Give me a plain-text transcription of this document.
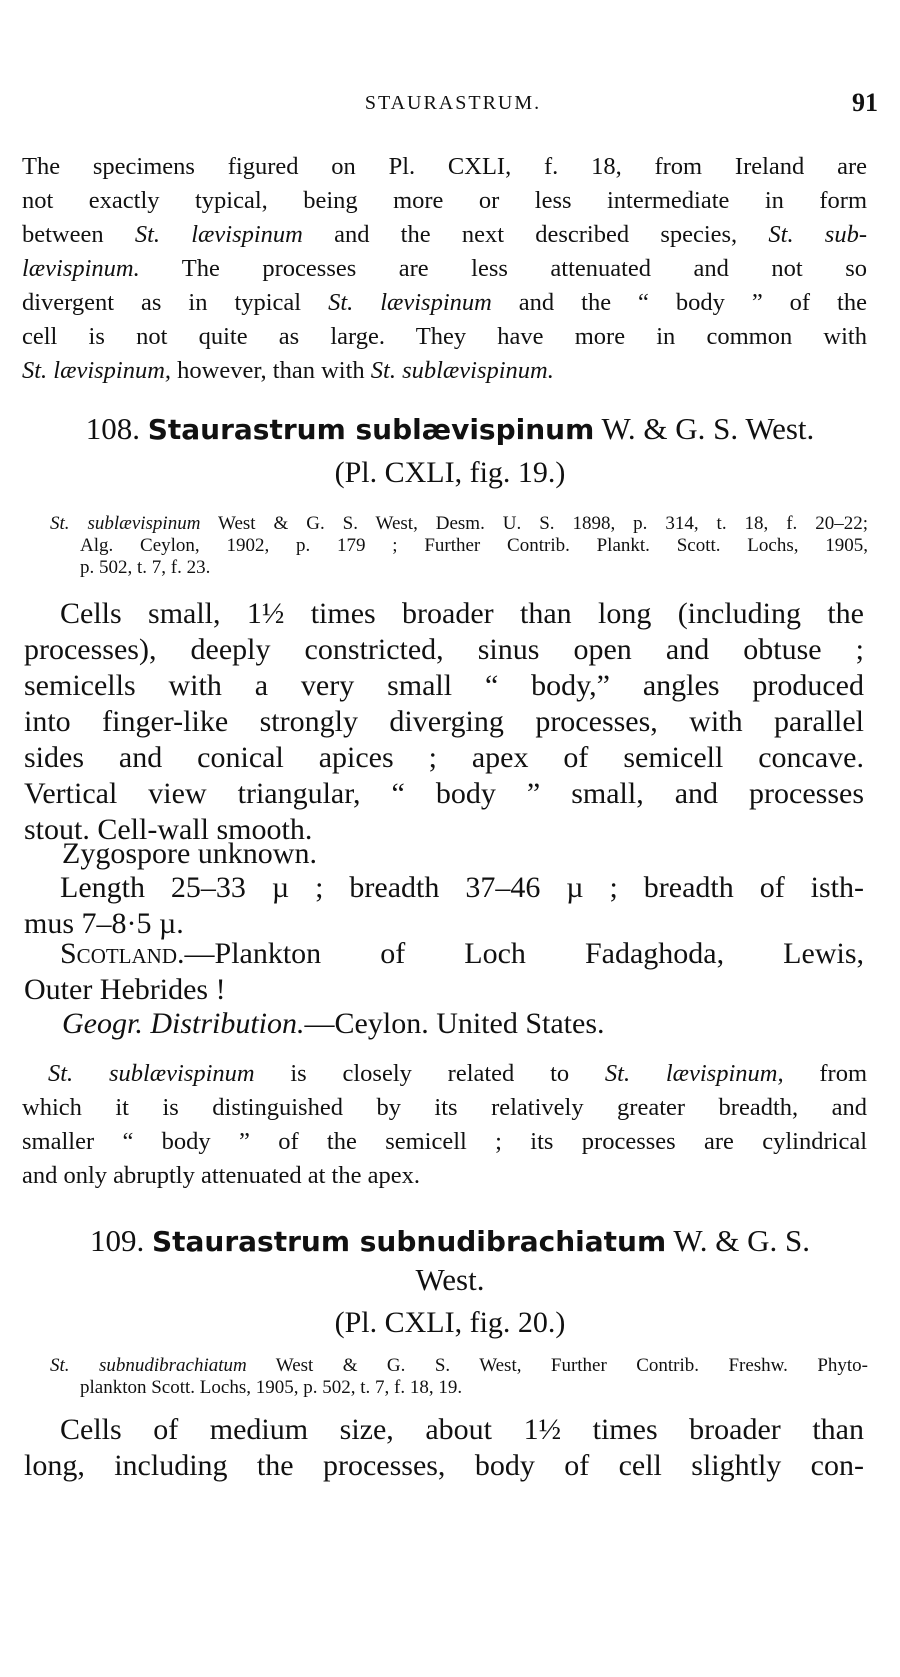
STAURASTRUM.	91
The specimens figured on Pl. CXLI, f. 18, from Ireland are
not exactly typical, being more or less intermediate in form
between St. lævispinum and the next described species, St. sub-
lævispinum. The processes are less attenuated and not so
divergent as in typical St. lævispinum and the “ body ” of the
cell is not quite as large. They have more in common with
St. lævispinum, however, than with St. sublævispinum.
108. Staurastrum sublævispinum W. & G. S. West.
(Pl. CXLI, fig. 19.)
St. sublævispinum West & G. S. West, Desm. U. S. 1898, p. 314, t. 18, f. 20–22;
Alg. Ceylon, 1902, p. 179 ; Further Contrib. Plankt. Scott. Lochs, 1905,
p. 502, t. 7, f. 23.
Cells small, 1½ times broader than long (including the
processes), deeply constricted, sinus open and obtuse ;
semicells with a very small “ body,” angles produced
into finger-like strongly diverging processes, with parallel
sides and conical apices ; apex of semicell concave.
Vertical view triangular, “ body ” small, and processes
stout. Cell-wall smooth.
Zygospore unknown.
Length 25–33 µ ; breadth 37–46 µ ; breadth of isth-
mus 7–8·5 µ.
Scotland.—Plankton of Loch Fadaghoda, Lewis,
Outer Hebrides !
Geogr. Distribution.—Ceylon. United States.
St. sublævispinum is closely related to St. lævispinum, from
which it is distinguished by its relatively greater breadth, and
smaller “ body ” of the semicell ; its processes are cylindrical
and only abruptly attenuated at the apex.
109. Staurastrum subnudibrachiatum W. & G. S.
West.
(Pl. CXLI, fig. 20.)
St. subnudibrachiatum West & G. S. West, Further Contrib. Freshw. Phyto-
plankton Scott. Lochs, 1905, p. 502, t. 7, f. 18, 19.
Cells of medium size, about 1½ times broader than
long, including the processes, body of cell slightly con-
